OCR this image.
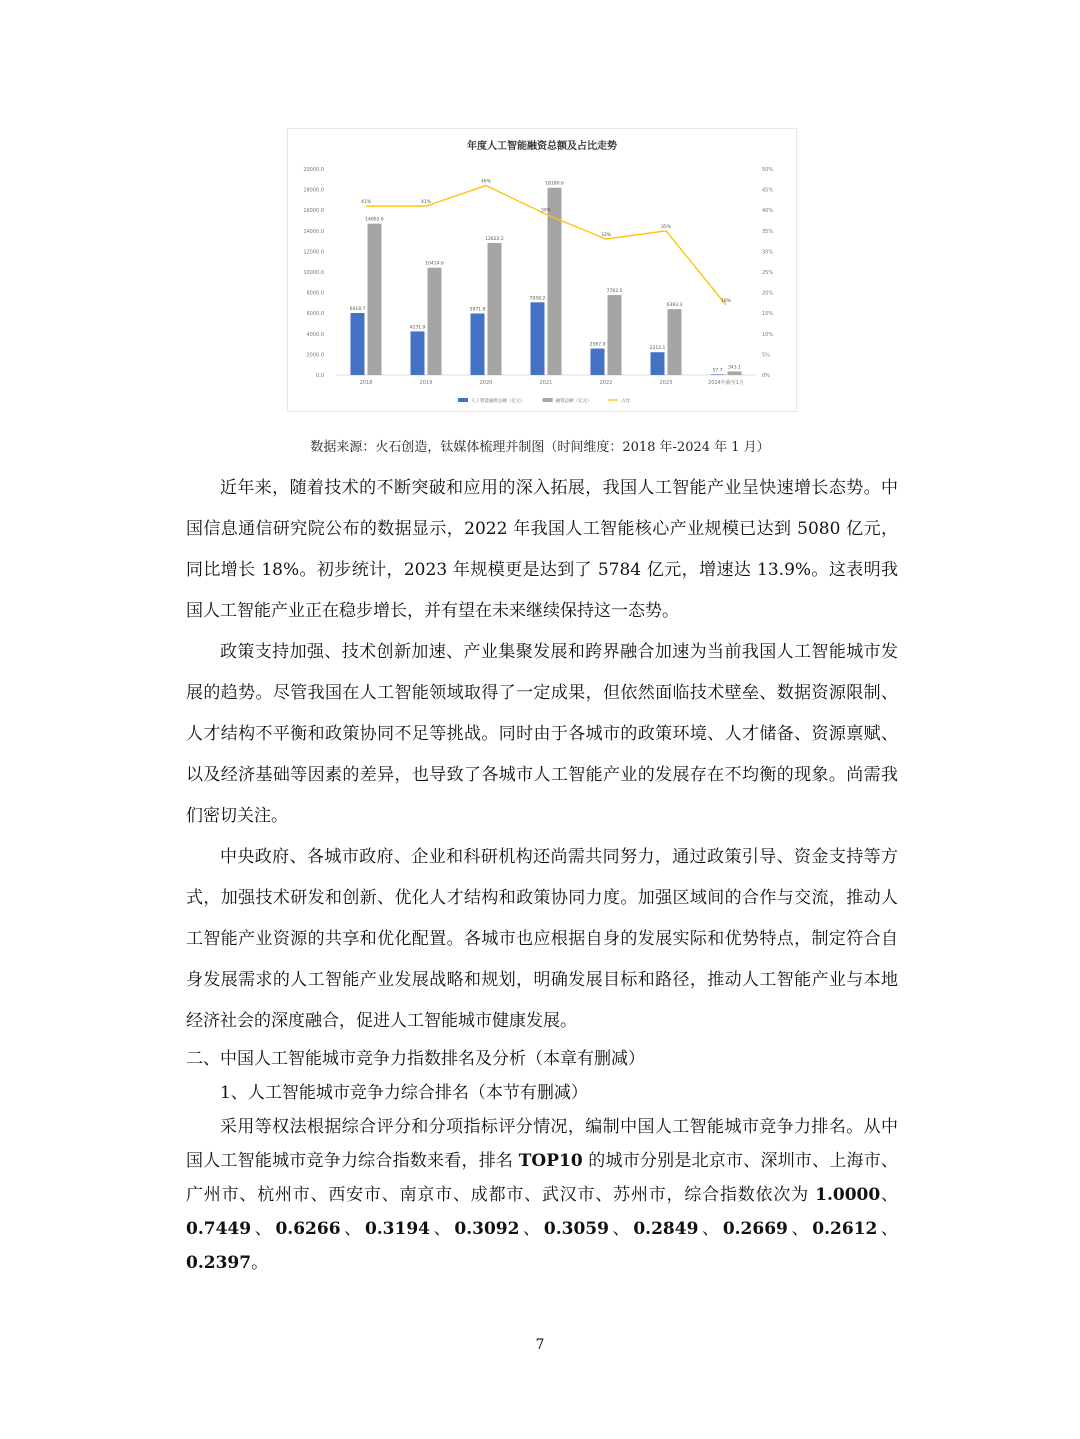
年度人工智能融资总额及占比走势
0.0
2000.0
4000.0
6000.0
8000.0
10000.0
12000.0
14000.0
16000.0
18000.0
20000.0
0%
5%
10%
15%
20%
25%
30%
35%
40%
45%
50%
2018
6018.7
14692.6
2019
4231.9
10414.6
2020
5971.8
12822.2
2021
7058.2
18180.6
2022
2567.9
7762.5
2023
2212.1
6393.3
2024年截至1月
57.7
343.1
41%	41%
46%
39%
33%
35%
18%
人工智能融资总额（亿元）	融资总额（亿元）	占比
数据来源：火石创造，钛媒体梳理并制图（时间维度：2018 年-2024 年 1 月）

近年来，随着技术的不断突破和应用的深入拓展，我国人工智能产业呈快速增长态势。中国信息通信研究院公布的数据显示，2022 年我国人工智能核心产业规模已达到 5080 亿元，同比增长 18%。初步统计，2023 年规模更是达到了 5784 亿元，增速达 13.9%。这表明我国人工智能产业正在稳步增长，并有望在未来继续保持这一态势。

政策支持加强、技术创新加速、产业集聚发展和跨界融合加速为当前我国人工智能城市发展的趋势。尽管我国在人工智能领域取得了一定成果，但依然面临技术壁垒、数据资源限制、人才结构不平衡和政策协同不足等挑战。同时由于各城市的政策环境、人才储备、资源禀赋、以及经济基础等因素的差异，也导致了各城市人工智能产业的发展存在不均衡的现象。尚需我们密切关注。

中央政府、各城市政府、企业和科研机构还尚需共同努力，通过政策引导、资金支持等方式，加强技术研发和创新、优化人才结构和政策协同力度。加强区域间的合作与交流，推动人工智能产业资源的共享和优化配置。各城市也应根据自身的发展实际和优势特点，制定符合自身发展需求的人工智能产业发展战略和规划，明确发展目标和路径，推动人工智能产业与本地经济社会的深度融合，促进人工智能城市健康发展。

二、中国人工智能城市竞争力指数排名及分析（本章有删减）

1、人工智能城市竞争力综合排名（本节有删减）

采用等权法根据综合评分和分项指标评分情况，编制中国人工智能城市竞争力排名。从中国人工智能城市竞争力综合指数来看，排名 TOP10 的城市分别是北京市、深圳市、上海市、广州市、杭州市、西安市、南京市、成都市、武汉市、苏州市，综合指数依次为 1.0000、0.7449、0.6266、0.3194、0.3092、0.3059、0.2849、0.2669、0.2612、0.2397。

7
